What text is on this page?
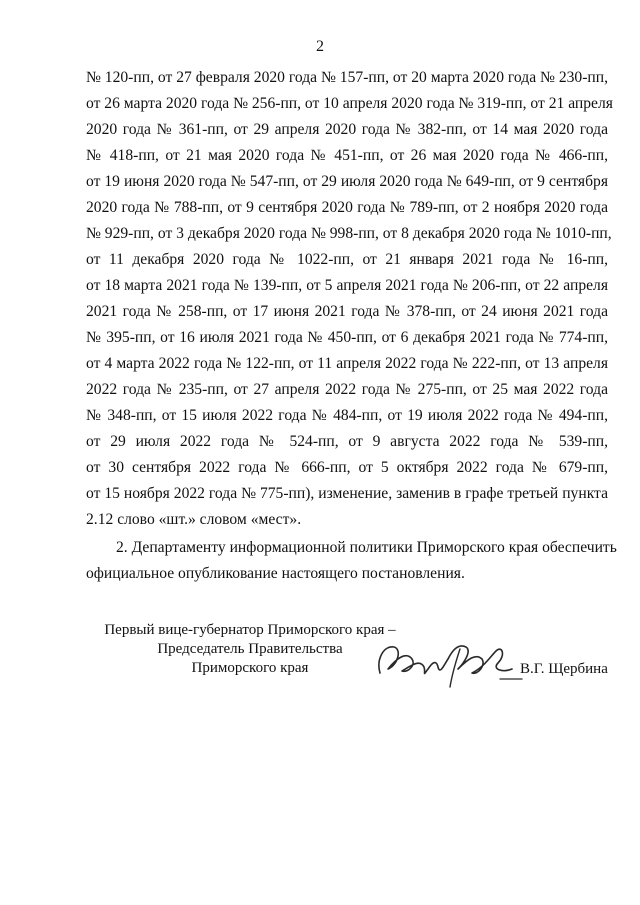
2
№ 120-пп, от 27 февраля 2020 года № 157-пп, от 20 марта 2020 года № 230-пп,
от 26 марта 2020 года № 256-пп, от 10 апреля 2020 года № 319-пп, от 21 апреля
2020 года № 361-пп, от 29 апреля 2020 года № 382-пп, от 14 мая 2020 года
№ 418-пп, от 21 мая 2020 года № 451-пп, от 26 мая 2020 года № 466-пп,
от 19 июня 2020 года № 547-пп, от 29 июля 2020 года № 649-пп, от 9 сентября
2020 года № 788-пп, от 9 сентября 2020 года № 789-пп, от 2 ноября 2020 года
№ 929-пп, от 3 декабря 2020 года № 998-пп, от 8 декабря 2020 года № 1010-пп,
от 11 декабря 2020 года № 1022-пп, от 21 января 2021 года № 16-пп,
от 18 марта 2021 года № 139-пп, от 5 апреля 2021 года № 206-пп, от 22 апреля
2021 года № 258-пп, от 17 июня 2021 года № 378-пп, от 24 июня 2021 года
№ 395-пп, от 16 июля 2021 года № 450-пп, от 6 декабря 2021 года № 774-пп,
от 4 марта 2022 года № 122-пп, от 11 апреля 2022 года № 222-пп, от 13 апреля
2022 года № 235-пп, от 27 апреля 2022 года № 275-пп, от 25 мая 2022 года
№ 348-пп, от 15 июля 2022 года № 484-пп, от 19 июля 2022 года № 494-пп,
от 29 июля 2022 года № 524-пп, от 9 августа 2022 года № 539-пп,
от 30 сентября 2022 года № 666-пп, от 5 октября 2022 года № 679-пп,
от 15 ноября 2022 года № 775-пп), изменение, заменив в графе третьей пункта
2.12 слово «шт.» словом «мест».
2. Департаменту информационной политики Приморского края обеспечить
официальное опубликование настоящего постановления.
Первый вице-губернатор Приморского края –
Председатель Правительства
Приморского края	В.Г. Щербина
